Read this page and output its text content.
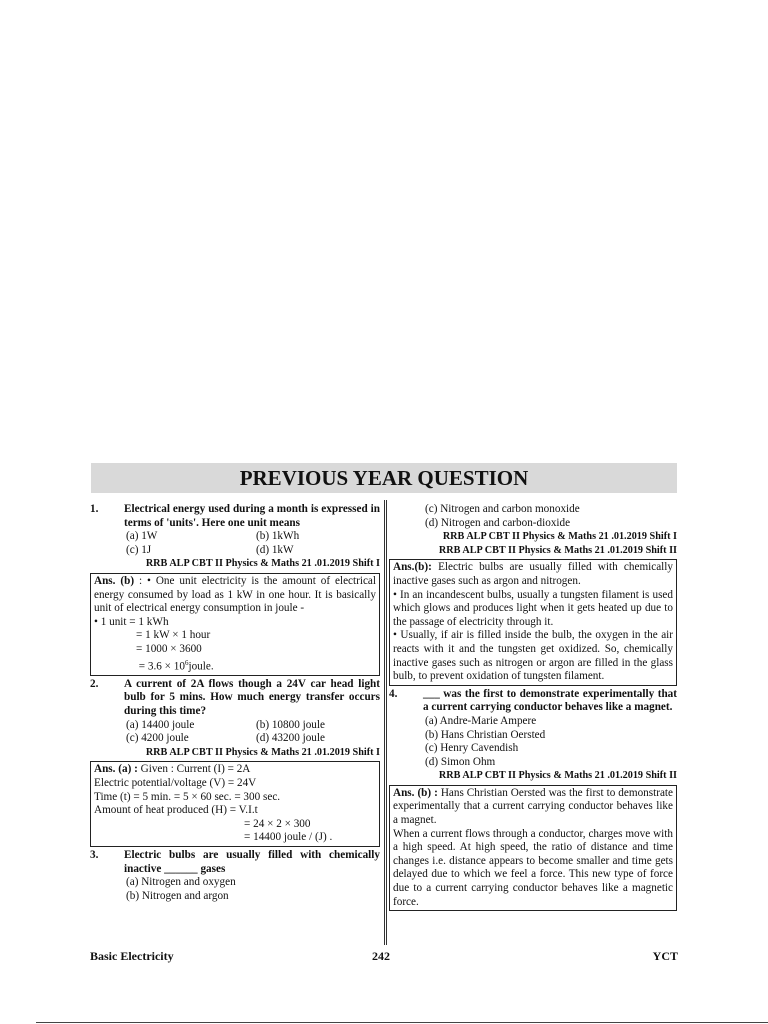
PREVIOUS YEAR QUESTION
1.	Electrical energy used during a month is expressed in terms of 'units'. Here one unit means
(a) 1W	(b) 1kWh
(c) 1J	(d) 1kW
RRB ALP CBT II Physics & Maths 21 .01.2019 Shift I

Ans. (b) : • One unit electricity is the amount of electrical energy consumed by load as 1 kW in one hour. It is basically unit of electrical energy consumption in joule -

• 1 unit = 1 kWh

= 1 kW × 1 hour

= 1000 × 3600

= $3.6 \times 10^6joule$.

2.	A current of 2A flows though a 24V car head light bulb for 5 mins. How much energy transfer occurs during this time?
(a) 14400 joule	(b) 10800 joule
(c) 4200 joule	(d) 43200 joule
RRB ALP CBT II Physics & Maths 21 .01.2019 Shift I

Ans. (a) : Given : Current (I) = 2A

Electric potential/voltage (V) = 24V

Time (t) = 5 min. = 5 × 60 sec. = 300 sec.

Amount of heat produced (H) = V.I.t

= 24 × 2 × 300

= 14400 joule / (J) .

3.	Electric bulbs are usually filled with chemically inactive ______ gases
(a) Nitrogen and oxygen
(b) Nitrogen and argon
(c) Nitrogen and carbon monoxide
(d) Nitrogen and carbon-dioxide
RRB ALP CBT II Physics & Maths 21 .01.2019 Shift I
RRB ALP CBT II Physics & Maths 21 .01.2019 Shift II

Ans.(b): Electric bulbs are usually filled with chemically inactive gases such as argon and nitrogen.

• In an incandescent bulbs, usually a tungsten filament is used which glows and produces light when it gets heated up due to the passage of electricity through it.

• Usually, if air is filled inside the bulb, the oxygen in the air reacts with it and the tungsten get oxidized. So, chemically inactive gases such as nitrogen or argon are filled in the glass bulb, to prevent oxidation of tungsten filament.

4.	___ was the first to demonstrate experimentally that a current carrying conductor behaves like a magnet.
(a) Andre-Marie Ampere
(b) Hans Christian Oersted
(c) Henry Cavendish
(d) Simon Ohm
RRB ALP CBT II Physics & Maths 21 .01.2019 Shift II

Ans. (b) : Hans Christian Oersted was the first to demonstrate experimentally that a current carrying conductor behaves like a magnet.

When a current flows through a conductor, charges move with a high speed. At high speed, the ratio of distance and time changes i.e. distance appears to become smaller and time gets delayed due to which we feel a force. This new type of force due to a current carrying conductor behaves like a magnetic force.

Basic Electricity	242	YCT
